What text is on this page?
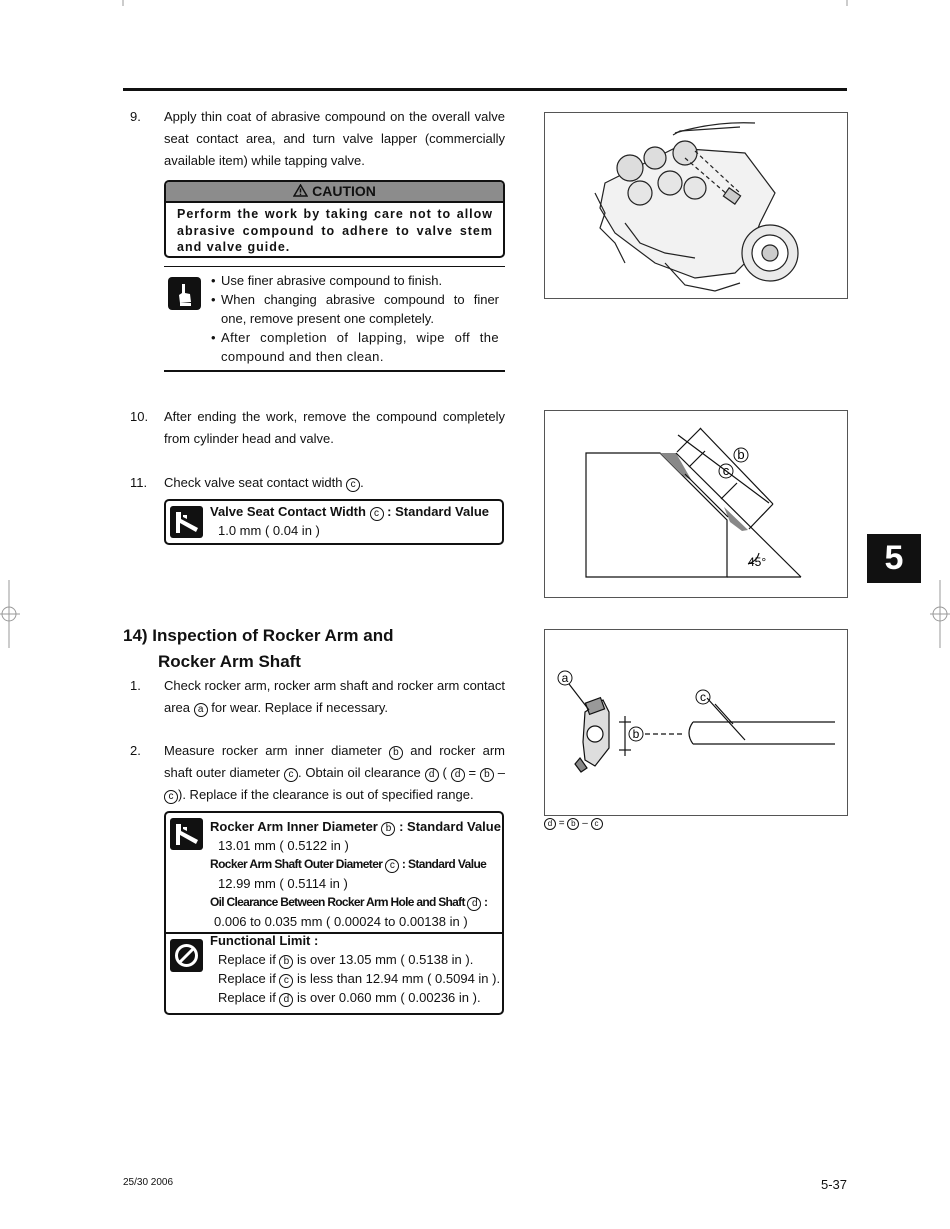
9.	Apply thin coat of abrasive compound on the overall valve seat contact area, and turn valve lapper (commercially available item) while tapping valve.
CAUTION
Perform the work by taking care not to allow abrasive compound to adhere to valve stem and valve guide.
• Use finer abrasive compound to finish.
• When changing abrasive compound to finer one, remove present one completely.
• After completion of lapping, wipe off the compound and then clean.
10.	After ending the work, remove the compound completely from cylinder head and valve.
11.	Check valve seat contact width c .
Valve Seat Contact Width c : Standard Value
1.0 mm ( 0.04 in )
b
c
45°
a
b
c
d = b – c
5
14) Inspection of Rocker Arm and
Rocker Arm Shaft
1.	Check rocker arm, rocker arm shaft and rocker arm contact area a for wear. Replace if necessary.
2.	Measure rocker arm inner diameter b and rocker arm shaft outer diameter c . Obtain oil clearance d ( d = b – c ). Replace if the clearance is out of specified range.
Rocker Arm Inner Diameter b : Standard Value
13.01 mm ( 0.5122 in )
Rocker Arm Shaft Outer Diameter c : Standard Value
12.99 mm ( 0.5114 in )
Oil Clearance Between Rocker Arm Hole and Shaft d :
0.006 to 0.035 mm ( 0.00024 to 0.00138 in )
Functional Limit :
Replace if b is over 13.05 mm ( 0.5138 in ).
Replace if c is less than 12.94 mm ( 0.5094 in ).
Replace if d is over 0.060 mm ( 0.00236 in ).
25/30 2006	5-37
